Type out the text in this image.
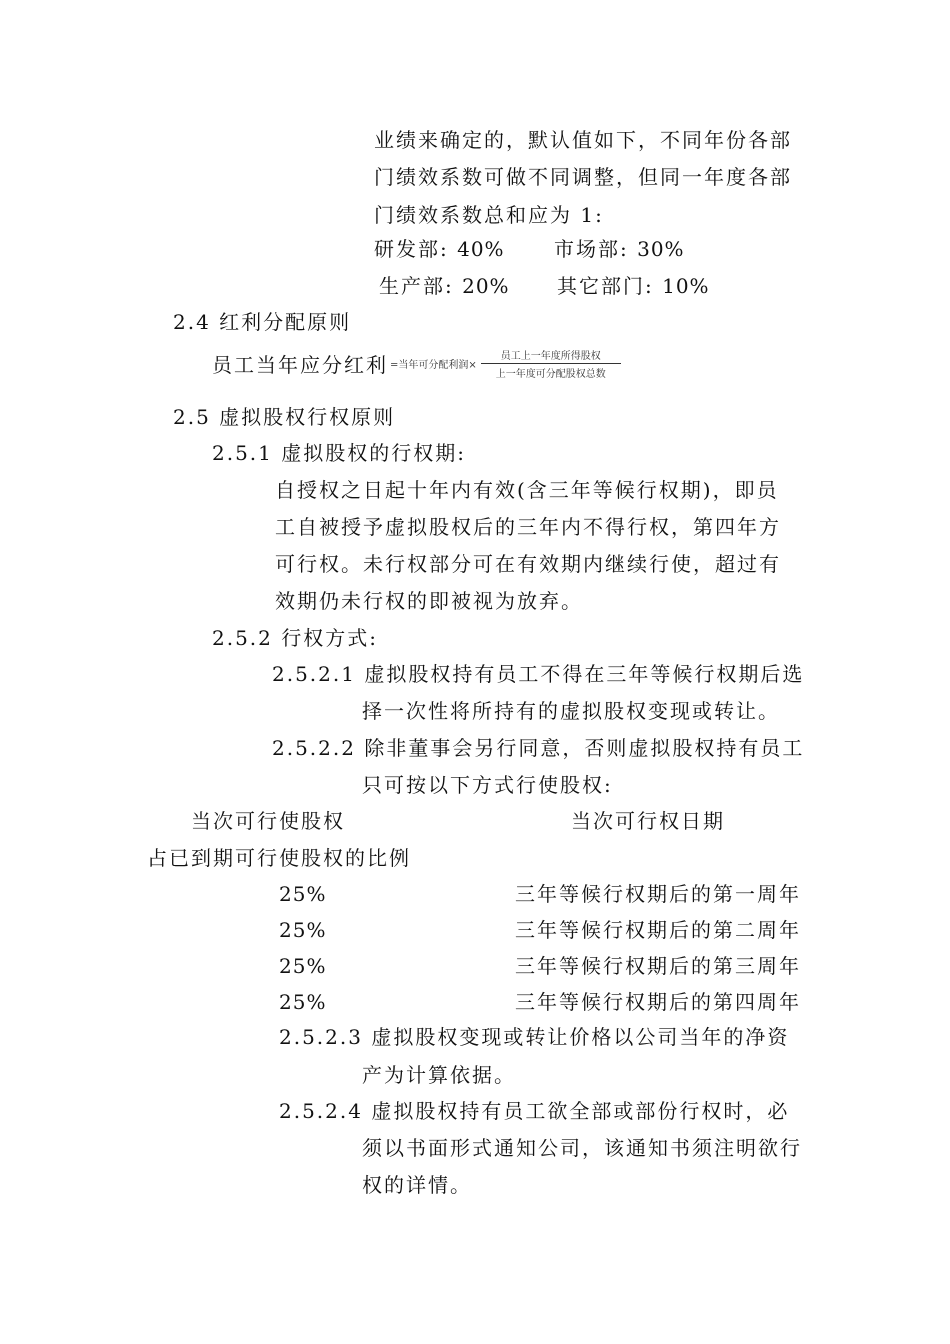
业绩来确定的，默认值如下，不同年份各部
门绩效系数可做不同调整，但同一年度各部
门绩效系数总和应为 1:
研发部: 40% 市场部: 30%
生产部: 20% 其它部门: 10%
2.4 红利分配原则
员工当年应分红利 =当年可分配利润× $\frac{\text{员工上一年度所得股权}}{\text{上一年度可分配股权总数}}$
2.5 虚拟股权行权原则
2.5.1 虚拟股权的行权期:
自授权之日起十年内有效(含三年等候行权期)，即员
工自被授予虚拟股权后的三年内不得行权，第四年方
可行权。未行权部分可在有效期内继续行使，超过有
效期仍未行权的即被视为放弃。
2.5.2 行权方式:
2.5.2.1 虚拟股权持有员工不得在三年等候行权期后选
择一次性将所持有的虚拟股权变现或转让。
2.5.2.2 除非董事会另行同意，否则虚拟股权持有员工
只可按以下方式行使股权:
当次可行使股权	当次可行权日期
占已到期可行使股权的比例
25%	三年等候行权期后的第一周年
25%	三年等候行权期后的第二周年
25%	三年等候行权期后的第三周年
25%	三年等候行权期后的第四周年
2.5.2.3 虚拟股权变现或转让价格以公司当年的净资
产为计算依据。
2.5.2.4 虚拟股权持有员工欲全部或部份行权时，必
须以书面形式通知公司，该通知书须注明欲行
权的详情。
